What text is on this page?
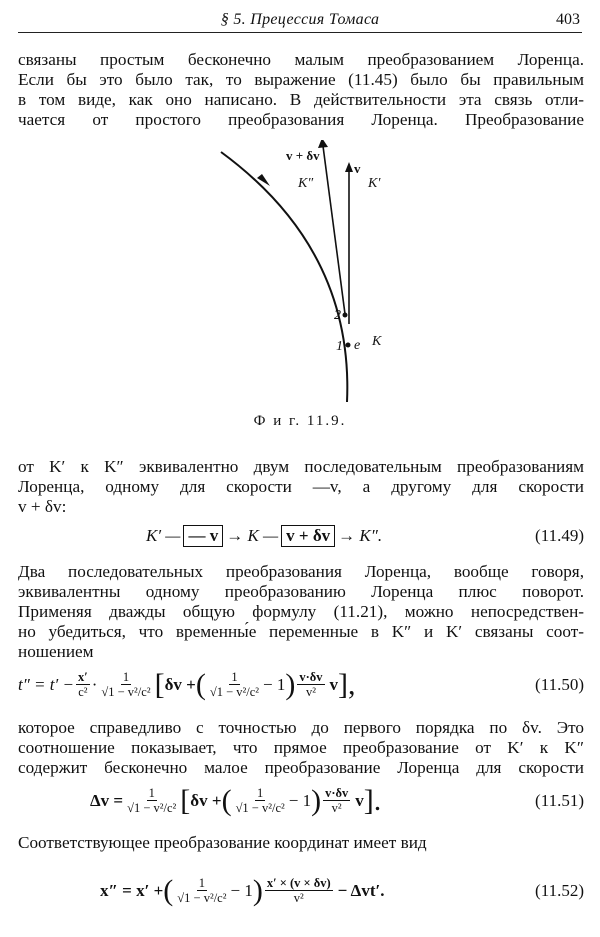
§ 5. Прецессия Томаса	403
связаны простым бесконечно малым преобразованием Лоренца.
Если бы это было так, то выражение (11.45) было бы правильным
в том виде, как оно написано. В действительности эта связь отли-
чается от простого преобразования Лоренца. Преобразование
v + δv
v
K″	K′
2
1 e K
Ф и г. 11.9.
от K′ к K″ эквивалентно двум последовательным преобразованиям
Лоренца, одному для скорости —v, а другому для скорости
v + δv:
K′ — — v → K — v + δv → K″.	(11.49)
Два последовательных преобразования Лоренца, вообще говоря,
эквивалентны одному преобразованию Лоренца плюс поворот.
Применяя дважды общую формулу (11.21), можно непосредствен-
но убедиться, что временны́е переменные в K″ и K′ связаны соот-
ношением
$t'' = t' - \frac{x'}{\text{c²}} \cdot \frac{1}{\text{√1 − v²/c²}}$ [ δv + ( $\frac{1}{\text{√1 − v²/c²}} - 1$ ) $\frac{v\cdot\delta v}{\text{v²}}$ v ],	(11.50)
которое справедливо с точностью до первого порядка по δv. Это
соотношение показывает, что прямое преобразование от K′ к K″
содержит бесконечно малое преобразование Лоренца для скорости
$\Delta v = \frac{1}{\text{√1 − v²/c²}}$ [ δv + ( $\frac{1}{\text{√1 − v²/c²}} - 1$ ) $\frac{v\cdot\delta v}{\text{v²}}$ v ].	(11.51)
Соответствующее преобразование координат имеет вид
x″ = x′ + ( $\frac{1}{\text{√1 − v²/c²}} - 1$ ) $\frac{x' \times (v \times \delta v)}{\text{v²}} - \Delta vt'$.	(11.52)
